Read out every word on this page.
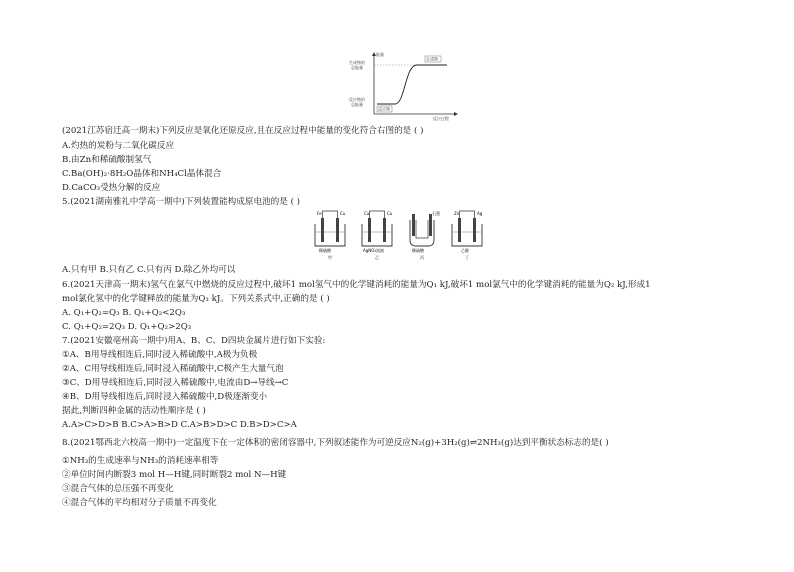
能量
反应过程
生成物的
总能量
反应物的
总能量
生成物
反应物
(2021江苏宿迁高一期末)下列反应是氧化还原反应,且在反应过程中能量的变化符合右图的是 ( )
A.灼热的炭粉与二氧化碳反应
B.由Zn和稀硫酸制氢气
C.Ba(OH)₂·8H₂O晶体和NH₄Cl晶体混合
D.CaCO₃受热分解的反应
5.(2021湖南雅礼中学高一期中)下列装置能构成原电池的是 ( )
Fe	Cu
稀硫酸
甲
Cu	Cu
AgNO₃溶液
乙
石墨
稀硫酸
丙
Zn	Ag
乙醇
丁
A.只有甲 B.只有乙 C.只有丙 D.除乙外均可以
6.(2021天津高一期末)氢气在氯气中燃烧的反应过程中,破坏1 mol氢气中的化学键消耗的能量为Q₁ kJ,破坏1 mol氯气中的化学键消耗的能量为Q₂ kJ,形成1
mol氯化氢中的化学键释放的能量为Q₃ kJ。下列关系式中,正确的是 ( )
A. Q₁+Q₂=Q₃ B. Q₁+Q₂<2Q₃
C. Q₁+Q₂=2Q₃ D. Q₁+Q₂>2Q₃
7.(2021安徽亳州高一期中)用A、B、C、D四块金属片进行如下实验:
①A、B用导线相连后,同时浸入稀硫酸中,A极为负极
②A、C用导线相连后,同时浸入稀硫酸中,C极产生大量气泡
③C、D用导线相连后,同时浸入稀硫酸中,电流由D→导线→C
④B、D用导线相连后,同时浸入稀硫酸中,D极逐渐变小
据此,判断四种金属的活动性顺序是 ( )
A.A>C>D>B B.C>A>B>D C.A>B>D>C D.B>D>C>A
8.(2021鄂西北六校高一期中)一定温度下在一定体积的密闭容器中,下列叙述能作为可逆反应N₂(g)+3H₂(g)⇌2NH₃(g)达到平衡状态标志的是( )
①NH₃的生成速率与NH₃的消耗速率相等
②单位时间内断裂3 mol H—H键,同时断裂2 mol N—H键
③混合气体的总压强不再变化
④混合气体的平均相对分子质量不再变化
